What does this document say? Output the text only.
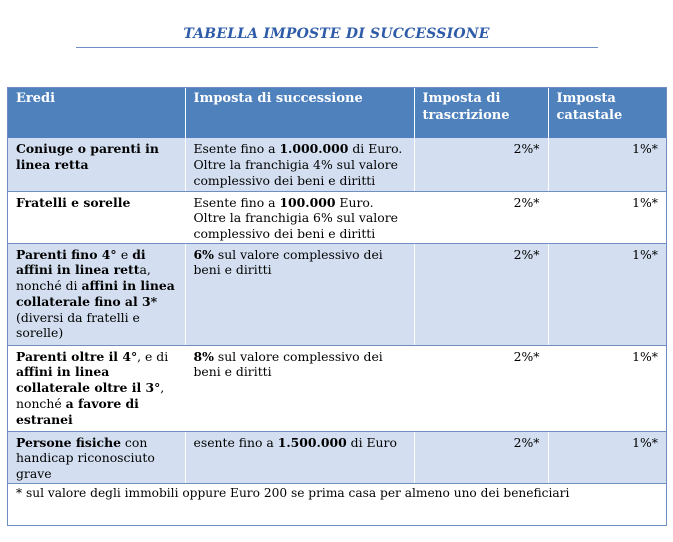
TABELLA IMPOSTE DI SUCCESSIONE
Eredi	Imposta di successione	Imposta di trascrizione	Imposta catastale
Coniuge o parenti in linea retta	Esente fino a 1.000.000 di Euro. Oltre la franchigia 4% sul valore complessivo dei beni e diritti	2%*	1%*
Fratelli e sorelle	Esente fino a 100.000 Euro. Oltre la franchigia 6% sul valore complessivo dei beni e diritti	2%*	1%*
Parenti fino 4° e di affini in linea retta, nonché di affini in linea collaterale fino al 3* (diversi da fratelli e sorelle)	6% sul valore complessivo dei beni e diritti	2%*	1%*
Parenti oltre il 4°, e di affini in linea collaterale oltre il 3°, nonché a favore di estranei	8% sul valore complessivo dei beni e diritti	2%*	1%*
Persone fisiche con handicap riconosciuto grave	esente fino a 1.500.000 di Euro	2%*	1%*
* sul valore degli immobili oppure Euro 200 se prima casa per almeno uno dei beneficiari			
